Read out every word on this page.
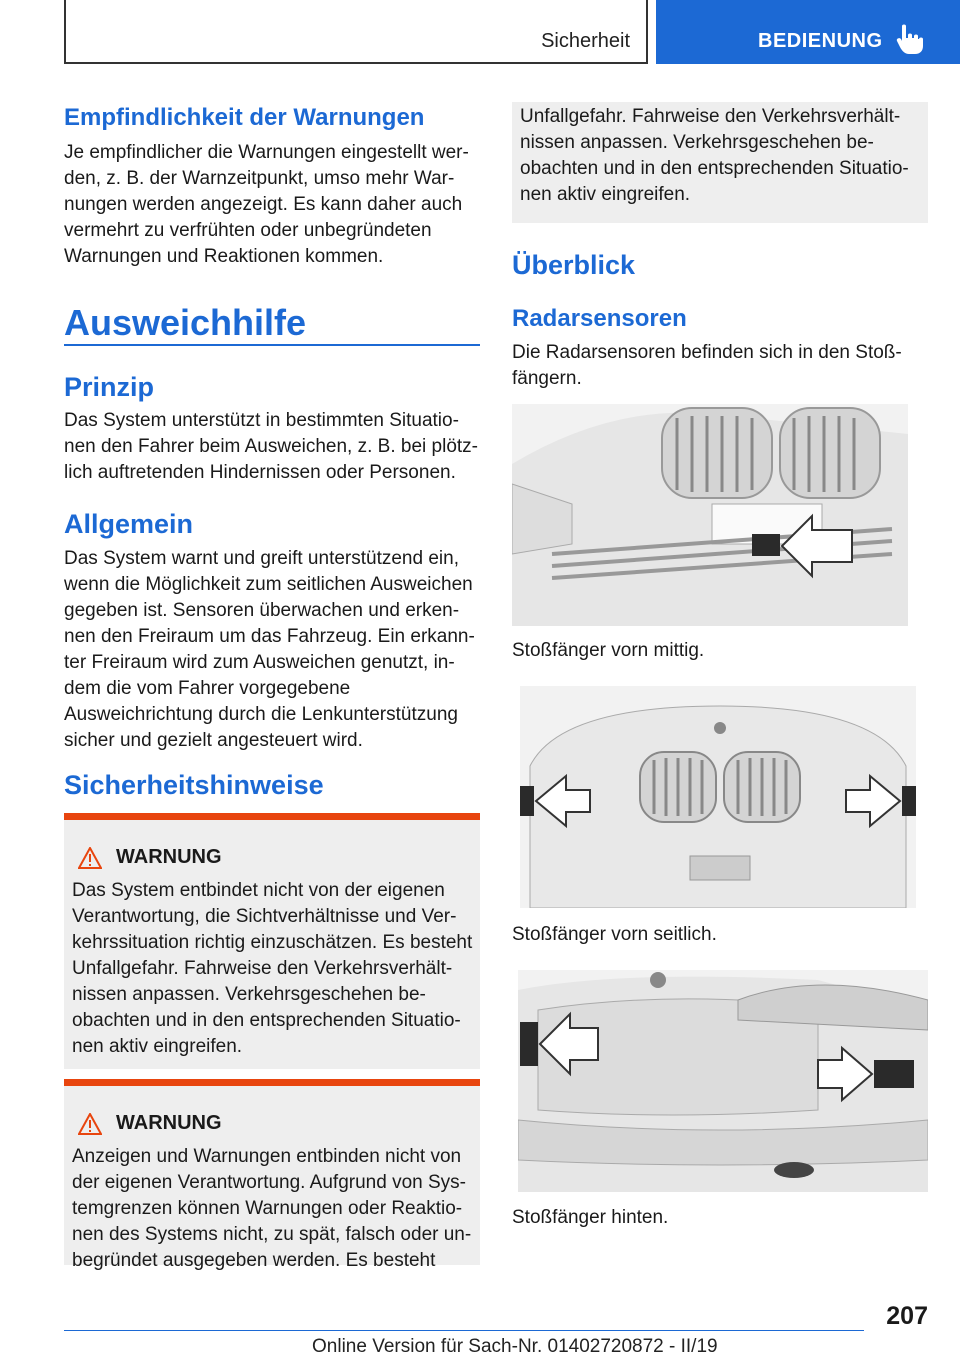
Sicherheit	BEDIENUNG
Empfindlichkeit der Warnungen
Je empfindlicher die Warnungen eingestellt wer‐
den, z. B. der Warnzeitpunkt, umso mehr War‐
nungen werden angezeigt. Es kann daher auch
vermehrt zu verfrühten oder unbegründeten
Warnungen und Reaktionen kommen.
Ausweichhilfe
Prinzip
Das System unterstützt in bestimmten Situatio‐
nen den Fahrer beim Ausweichen, z. B. bei plötz‐
lich auftretenden Hindernissen oder Personen.
Allgemein
Das System warnt und greift unterstützend ein,
wenn die Möglichkeit zum seitlichen Ausweichen
gegeben ist. Sensoren überwachen und erken‐
nen den Freiraum um das Fahrzeug. Ein erkann‐
ter Freiraum wird zum Ausweichen genutzt, in‐
dem die vom Fahrer vorgegebene
Ausweichrichtung durch die Lenkunterstützung
sicher und gezielt angesteuert wird.
Sicherheitshinweise
WARNUNG
Das System entbindet nicht von der eigenen
Verantwortung, die Sichtverhältnisse und Ver‐
kehrssituation richtig einzuschätzen. Es besteht
Unfallgefahr. Fahrweise den Verkehrsverhält‐
nissen anpassen. Verkehrsgeschehen be‐
obachten und in den entsprechenden Situatio‐
nen aktiv eingreifen.
WARNUNG
Anzeigen und Warnungen entbinden nicht von
der eigenen Verantwortung. Aufgrund von Sys‐
temgrenzen können Warnungen oder Reaktio‐
nen des Systems nicht, zu spät, falsch oder un‐
begründet ausgegeben werden. Es besteht
Unfallgefahr. Fahrweise den Verkehrsverhält‐
nissen anpassen. Verkehrsgeschehen be‐
obachten und in den entsprechenden Situatio‐
nen aktiv eingreifen.
Überblick
Radarsensoren
Die Radarsensoren befinden sich in den Stoß‐
fängern.
Stoßfänger vorn mittig.
Stoßfänger vorn seitlich.
Stoßfänger hinten.
207
Online Version für Sach-Nr. 01402720872 - II/19
